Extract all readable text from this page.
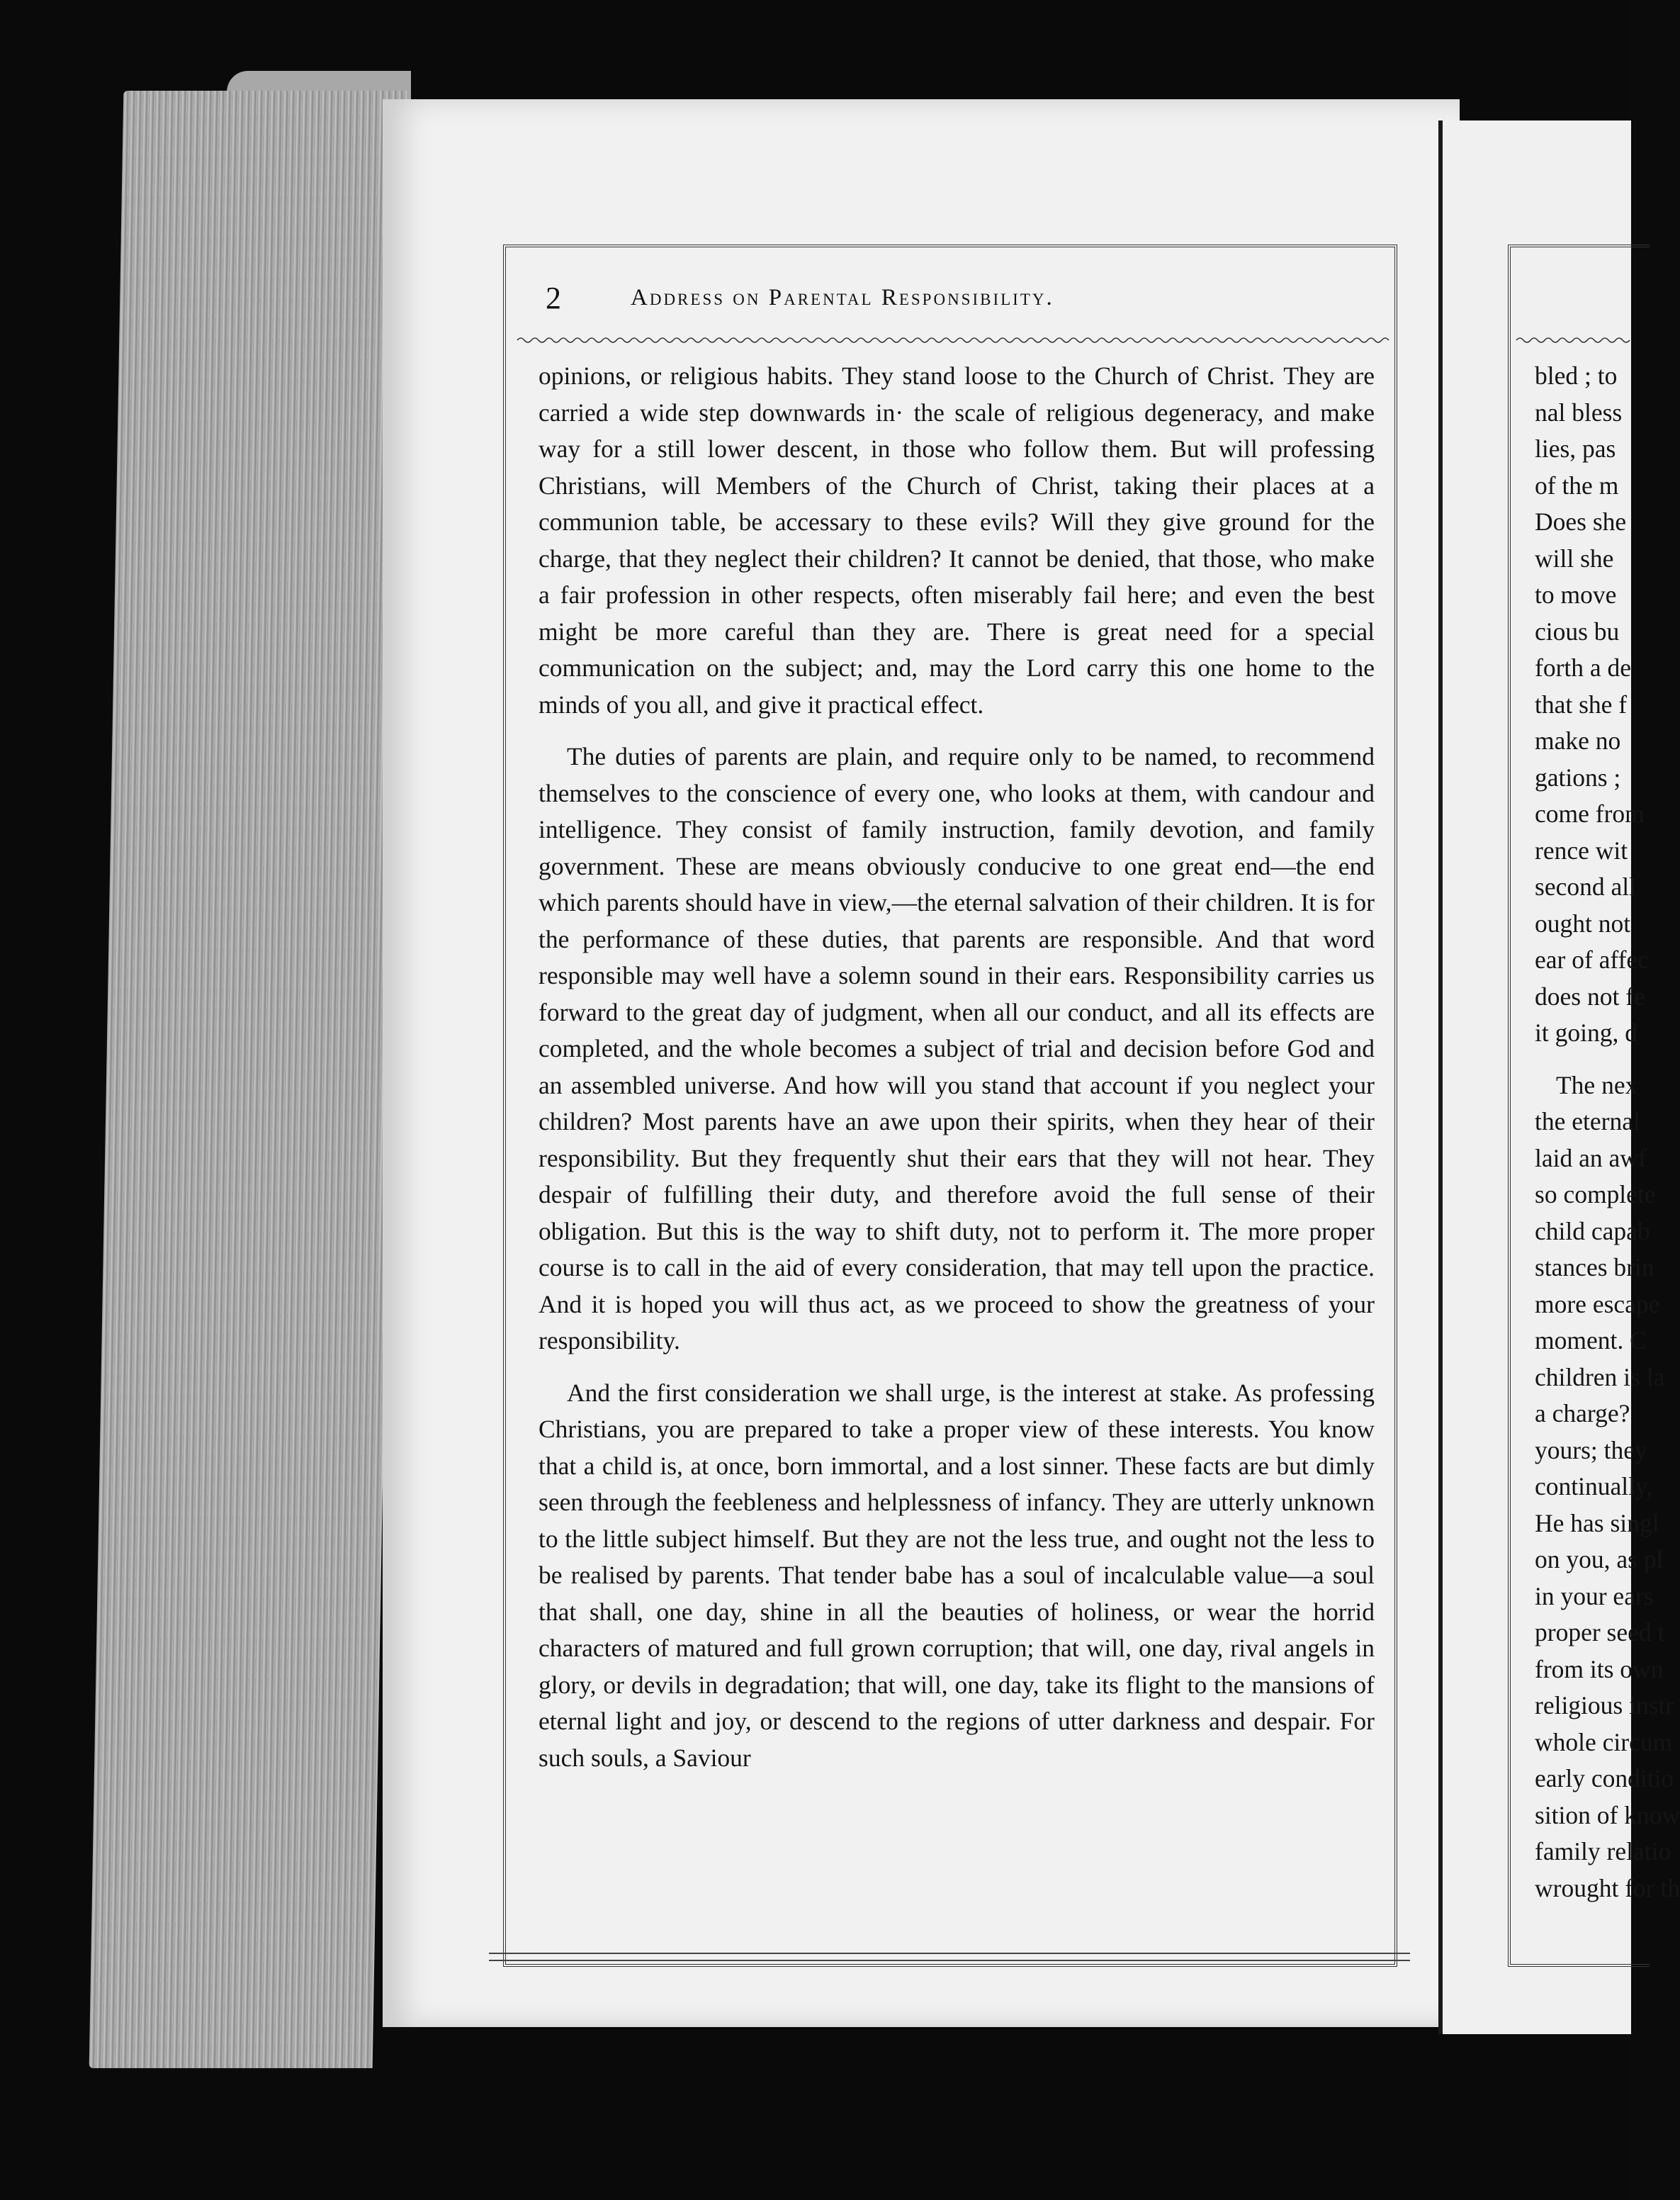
2	Address on Parental Responsibility.

opinions, or religious habits. They stand loose to the Church of Christ. They are carried a wide step downwards in· the scale of religious degeneracy, and make way for a still lower descent, in those who follow them. But will professing Christians, will Members of the Church of Christ, taking their places at a communion table, be accessary to these evils? Will they give ground for the charge, that they neglect their children? It cannot be denied, that those, who make a fair profession in other respects, often miserably fail here; and even the best might be more careful than they are. There is great need for a special communication on the subject; and, may the Lord carry this one home to the minds of you all, and give it practical effect.

The duties of parents are plain, and require only to be named, to recommend themselves to the conscience of every one, who looks at them, with candour and intelligence. They consist of family instruction, family devotion, and family government. These are means obviously conducive to one great end—the end which parents should have in view,—the eternal salvation of their children. It is for the performance of these duties, that parents are responsible. And that word responsible may well have a solemn sound in their ears. Responsibility carries us forward to the great day of judgment, when all our conduct, and all its effects are completed, and the whole becomes a subject of trial and decision before God and an assembled universe. And how will you stand that account if you neglect your children? Most parents have an awe upon their spirits, when they hear of their responsibility. But they frequently shut their ears that they will not hear. They despair of fulfilling their duty, and therefore avoid the full sense of their obligation. But this is the way to shift duty, not to perform it. The more proper course is to call in the aid of every consideration, that may tell upon the practice. And it is hoped you will thus act, as we proceed to show the greatness of your responsibility.

And the first consideration we shall urge, is the interest at stake. As professing Christians, you are prepared to take a proper view of these interests. You know that a child is, at once, born immortal, and a lost sinner. These facts are but dimly seen through the feebleness and helplessness of infancy. They are utterly unknown to the little subject himself. But they are not the less true, and ought not the less to be realised by parents. That tender babe has a soul of incalculable value—a soul that shall, one day, shine in all the beauties of holiness, or wear the horrid characters of matured and full grown corruption; that will, one day, rival angels in glory, or devils in degradation; that will, one day, take its flight to the mansions of eternal light and joy, or descend to the regions of utter darkness and despair. For such souls, a Saviour

bled ; to
nal bless
lies, pas
of the m
Does she
will she
to move
cious bu
forth a de
that she f
make no
gations ;
come from
rence wit
second all
ought not
ear of affec
does not fe
it going, d
The nex
the eternal
laid an awf
so complete
child capab
stances brin
more escape
moment. C
children is la
a charge?
yours; they
continually,
He has singl
on you, as pl
in your ears
proper seed t
from its own
religious instr
whole circum
early conditio
sition of know
family relatio
wrought for th
